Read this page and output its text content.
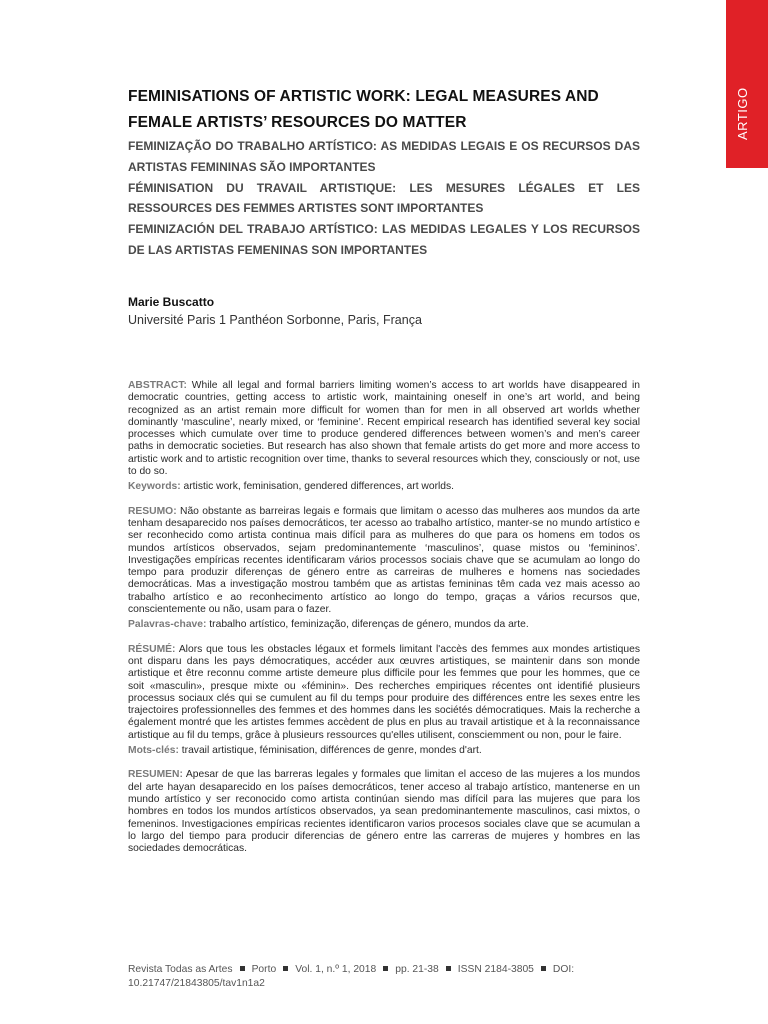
ARTIGO
FEMINISATIONS OF ARTISTIC WORK: LEGAL MEASURES AND
FEMALE ARTISTS’ RESOURCES DO MATTER

FEMINIZAÇÃO DO TRABALHO ARTÍSTICO: AS MEDIDAS LEGAIS E OS RECURSOS DAS ARTISTAS FEMININAS SÃO IMPORTANTES

FÉMINISATION DU TRAVAIL ARTISTIQUE: LES MESURES LÉGALES ET LES RESSOURCES DES FEMMES ARTISTES SONT IMPORTANTES

FEMINIZACIÓN DEL TRABAJO ARTÍSTICO: LAS MEDIDAS LEGALES Y LOS RECURSOS DE LAS ARTISTAS FEMENINAS SON IMPORTANTES

Marie Buscatto
Université Paris 1 Panthéon Sorbonne, Paris, França

ABSTRACT: While all legal and formal barriers limiting women’s access to art worlds have disappeared in democratic countries, getting access to artistic work, maintaining oneself in one’s art world, and being recognized as an artist remain more difficult for women than for men in all observed art worlds whether dominantly ‘masculine’, nearly mixed, or ‘feminine’. Recent empirical research has identified several key social processes which cumulate over time to produce gendered differences between women’s and men’s career paths in democratic societies. But research has also shown that female artists do get more and more access to artistic work and to artistic recognition over time, thanks to several resources which they, consciously or not, use to do so.

Keywords: artistic work, feminisation, gendered differences, art worlds.

RESUMO: Não obstante as barreiras legais e formais que limitam o acesso das mulheres aos mundos da arte tenham desaparecido nos países democráticos, ter acesso ao trabalho artístico, manter-se no mundo artístico e ser reconhecido como artista continua mais difícil para as mulheres do que para os homens em todos os mundos artísticos observados, sejam predominantemente ‘masculinos’, quase mistos ou ‘femininos’. Investigações empíricas recentes identificaram vários processos sociais chave que se acumulam ao longo do tempo para produzir diferenças de género entre as carreiras de mulheres e homens nas sociedades democráticas. Mas a investigação mostrou também que as artistas femininas têm cada vez mais acesso ao trabalho artístico e ao reconhecimento artístico ao longo do tempo, graças a vários recursos que, conscientemente ou não, usam para o fazer.

Palavras-chave: trabalho artístico, feminização, diferenças de género, mundos da arte.

RÉSUMÉ: Alors que tous les obstacles légaux et formels limitant l'accès des femmes aux mondes artistiques ont disparu dans les pays démocratiques, accéder aux œuvres artistiques, se maintenir dans son monde artistique et être reconnu comme artiste demeure plus difficile pour les femmes que pour les hommes, que ce soit «masculin», presque mixte ou «féminin». Des recherches empiriques récentes ont identifié plusieurs processus sociaux clés qui se cumulent au fil du temps pour produire des différences entre les sexes entre les trajectoires professionnelles des femmes et des hommes dans les sociétés démocratiques. Mais la recherche a également montré que les artistes femmes accèdent de plus en plus au travail artistique et à la reconnaissance artistique au fil du temps, grâce à plusieurs ressources qu'elles utilisent, consciemment ou non, pour le faire.

Mots-clés: travail artistique, féminisation, différences de genre, mondes d'art.

RESUMEN: Apesar de que las barreras legales y formales que limitan el acceso de las mujeres a los mundos del arte hayan desaparecido en los países democráticos, tener acceso al trabajo artístico, mantenerse en un mundo artístico y ser reconocido como artista continúan siendo mas difícil para las mujeres que para los hombres en todos los mundos artísticos observados, ya sean predominantemente masculinos, casi mixtos, o femeninos. Investigaciones empíricas recientes identificaron varios procesos sociales clave que se acumulan a lo largo del tiempo para producir diferencias de género entre las carreras de mujeres y hombres en las sociedades democráticas.

Revista Todas as Artes Porto Vol. 1, n.º 1, 2018 pp. 21-38 ISSN 2184-3805 DOI:
10.21747/21843805/tav1n1a2
